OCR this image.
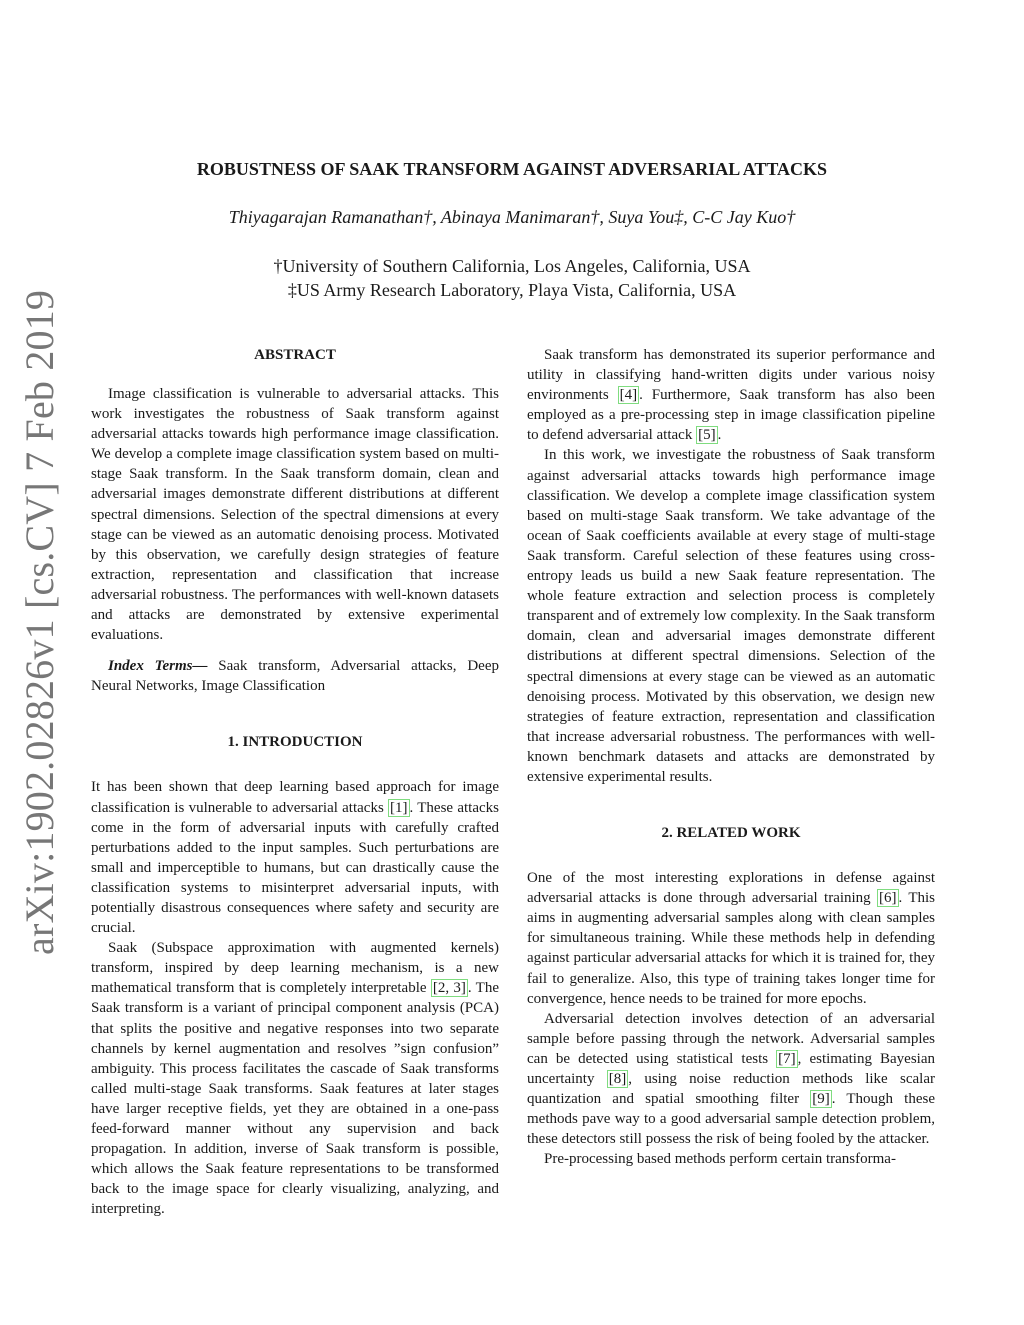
arXiv:1902.02826v1 [cs.CV] 7 Feb 2019
ROBUSTNESS OF SAAK TRANSFORM AGAINST ADVERSARIAL ATTACKS
Thiyagarajan Ramanathan†, Abinaya Manimaran†, Suya You‡, C-C Jay Kuo†
†University of Southern California, Los Angeles, California, USA
‡US Army Research Laboratory, Playa Vista, California, USA
ABSTRACT

Image classification is vulnerable to adversarial attacks. This work investigates the robustness of Saak transform against adversarial attacks towards high performance image classification. We develop a complete image classification system based on multi-stage Saak transform. In the Saak transform domain, clean and adversarial images demonstrate different distributions at different spectral dimensions. Selection of the spectral dimensions at every stage can be viewed as an automatic denoising process. Motivated by this observation, we carefully design strategies of feature extraction, representation and classification that increase adversarial robustness. The performances with well-known datasets and attacks are demonstrated by extensive experimental evaluations.

Index Terms— Saak transform, Adversarial attacks, Deep Neural Networks, Image Classification

1. INTRODUCTION

It has been shown that deep learning based approach for image classification is vulnerable to adversarial attacks [1] . These attacks come in the form of adversarial inputs with carefully crafted perturbations added to the input samples. Such perturbations are small and imperceptible to humans, but can drastically cause the classification systems to misinterpret adversarial inputs, with potentially disastrous consequences where safety and security are crucial.

Saak (Subspace approximation with augmented kernels) transform, inspired by deep learning mechanism, is a new mathematical transform that is completely interpretable [2, 3] . The Saak transform is a variant of principal component analysis (PCA) that splits the positive and negative responses into two separate channels by kernel augmentation and resolves ”sign confusion” ambiguity. This process facilitates the cascade of Saak transforms called multi-stage Saak transforms. Saak features at later stages have larger receptive fields, yet they are obtained in a one-pass feed-forward manner without any supervision and back propagation. In addition, inverse of Saak transform is possible, which allows the Saak feature representations to be transformed back to the image space for clearly visualizing, analyzing, and interpreting.

Saak transform has demonstrated its superior performance and utility in classifying hand-written digits under various noisy environments [4] . Furthermore, Saak transform has also been employed as a pre-processing step in image classification pipeline to defend adversarial attack [5] .

In this work, we investigate the robustness of Saak transform against adversarial attacks towards high performance image classification. We develop a complete image classification system based on multi-stage Saak transform. We take advantage of the ocean of Saak coefficients available at every stage of multi-stage Saak transform. Careful selection of these features using cross-entropy leads us build a new Saak feature representation. The whole feature extraction and selection process is completely transparent and of extremely low complexity. In the Saak transform domain, clean and adversarial images demonstrate different distributions at different spectral dimensions. Selection of the spectral dimensions at every stage can be viewed as an automatic denoising process. Motivated by this observation, we design new strategies of feature extraction, representation and classification that increase adversarial robustness. The performances with well-known benchmark datasets and attacks are demonstrated by extensive experimental results.

2. RELATED WORK

One of the most interesting explorations in defense against adversarial attacks is done through adversarial training [6] . This aims in augmenting adversarial samples along with clean samples for simultaneous training. While these methods help in defending against particular adversarial attacks for which it is trained for, they fail to generalize. Also, this type of training takes longer time for convergence, hence needs to be trained for more epochs.

Adversarial detection involves detection of an adversarial sample before passing through the network. Adversarial samples can be detected using statistical tests [7] , estimating Bayesian uncertainty [8] , using noise reduction methods like scalar quantization and spatial smoothing filter [9] . Though these methods pave way to a good adversarial sample detection problem, these detectors still possess the risk of being fooled by the attacker.

Pre-processing based methods perform certain transforma-
